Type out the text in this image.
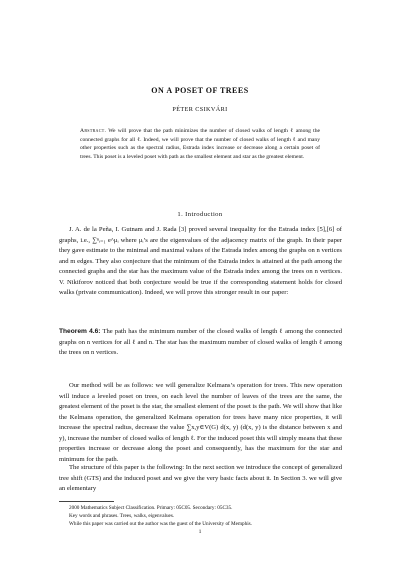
ON A POSET OF TREES
PÉTER CSIKVÁRI
Abstract. We will prove that the path minimizes the number of closed walks of length ℓ among the connected graphs for all ℓ. Indeed, we will prove that the number of closed walks of length ℓ and many other properties such as the spectral radius, Estrada index increase or decrease along a certain poset of trees. This poset is a leveled poset with path as the smallest element and star as the greatest element.
1. Introduction
J. A. de la Peña, I. Gutnam and J. Rada [3] proved several inequality for the Estrada index [5],[6] of graphs, i.e., ∑ⁿᵢ₌₁ e^μᵢ where μᵢ’s are the eigenvalues of the adjacency matrix of the graph. In their paper they gave estimate to the minimal and maximal values of the Estrada index among the graphs on n vertices and m edges. They also conjecture that the minimum of the Estrada index is attained at the path among the connected graphs and the star has the maximum value of the Estrada index among the trees on n vertices. V. Nikiforov noticed that both conjecture would be true if the corresponding statement holds for closed walks (private communication). Indeed, we will prove this stronger result in our paper:
Theorem 4.6: The path has the minimum number of the closed walks of length ℓ among the connected graphs on n vertices for all ℓ and n. The star has the maximum number of closed walks of length ℓ among the trees on n vertices.
Our method will be as follows: we will generalize Kelmans’s operation for trees. This new operation will induce a leveled poset on trees, on each level the number of leaves of the trees are the same, the greatest element of the poset is the star, the smallest element of the poset is the path. We will show that like the Kelmans operation, the generalized Kelmans operation for trees have many nice properties, it will increase the spectral radius, decrease the value ∑x,y∈V(G) d(x, y) (d(x, y) is the distance between x and y), increase the number of closed walks of length ℓ. For the induced poset this will simply means that these properties increase or decrease along the poset and consequently, has the maximum for the star and minimum for the path.
The structure of this paper is the following: In the next section we introduce the concept of generalized tree shift (GTS) and the induced poset and we give the very basic facts about it. In Section 3. we will give an elementary
2000 Mathematics Subject Classification. Primary: 05C05. Secondary: 05C35.
Key words and phrases. Trees, walks, eigenvalues.
While this paper was carried out the author was the guest of the University of Memphis.
1
